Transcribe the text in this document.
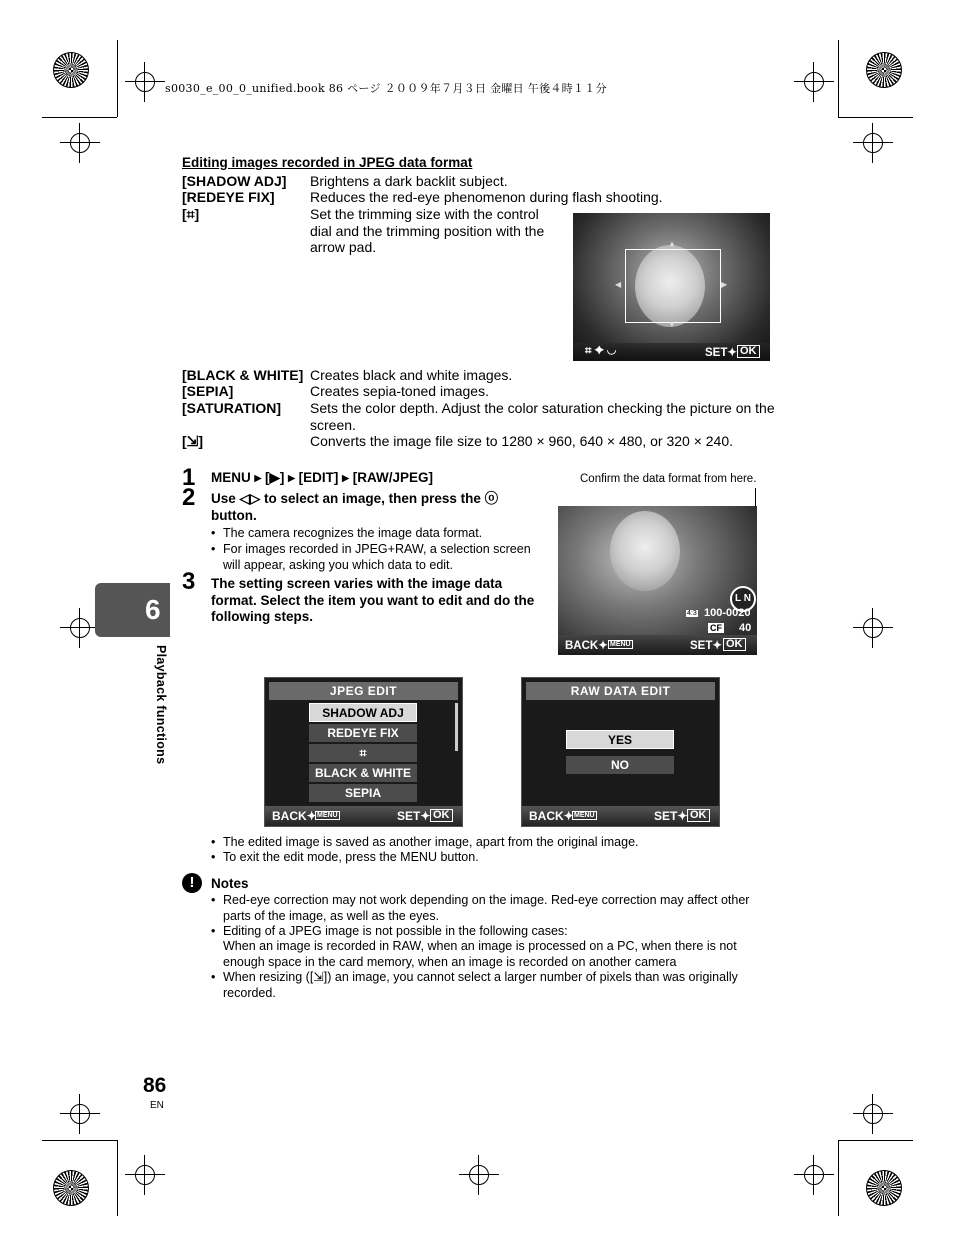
s0030_e_00_0_unified.book 86 ページ ２００９年７月３日 金曜日 午後４時１１分
Editing images recorded in JPEG data format
[SHADOW ADJ] Brightens a dark backlit subject.
[REDEYE FIX]	Reduces the red-eye phenomenon during flash shooting.
[⌗]	Set the trimming size with the control dial and the trimming position with the arrow pad.	▲
▼
◀	▶
⌗ ✦ ◡	SET✦ OK
[BLACK & WHITE] Creates black and white images.
[SEPIA]	Creates sepia-toned images.
[SATURATION] Sets the color depth. Adjust the color saturation checking the picture on the screen.
[⇲]	Converts the image file size to 1280 × 960, 640 × 480, or 320 × 240.
1 MENU ▸ [▶] ▸ [EDIT] ▸ [RAW/JPEG]
2 Use ◁▷ to select an image, then press the ⓞ button.
• The camera recognizes the image data format.
• For images recorded in JPEG+RAW, a selection screen will appear, asking you which data to edit.
3 The setting screen varies with the image data format. Select the item you want to edit and do the following steps.
Confirm the data format from here.
L N
4:3 100-0020
CF 40
BACK✦ MENU	SET✦ OK
JPEG EDIT
SHADOW ADJ
REDEYE FIX
⌗
BLACK & WHITE
SEPIA
BACK✦ MENU	SET✦ OK
RAW DATA EDIT
YES
NO
BACK✦ MENU	SET✦ OK
• The edited image is saved as another image, apart from the original image.
• To exit the edit mode, press the MENU button.
!	Notes
• Red-eye correction may not work depending on the image. Red-eye correction may affect other parts of the image, as well as the eyes.
• Editing of a JPEG image is not possible in the following cases:
When an image is recorded in RAW, when an image is processed on a PC, when there is not enough space in the card memory, when an image is recorded on another camera
• When resizing ([⇲]) an image, you cannot select a larger number of pixels than was originally recorded.
6
Playback functions
86
EN
